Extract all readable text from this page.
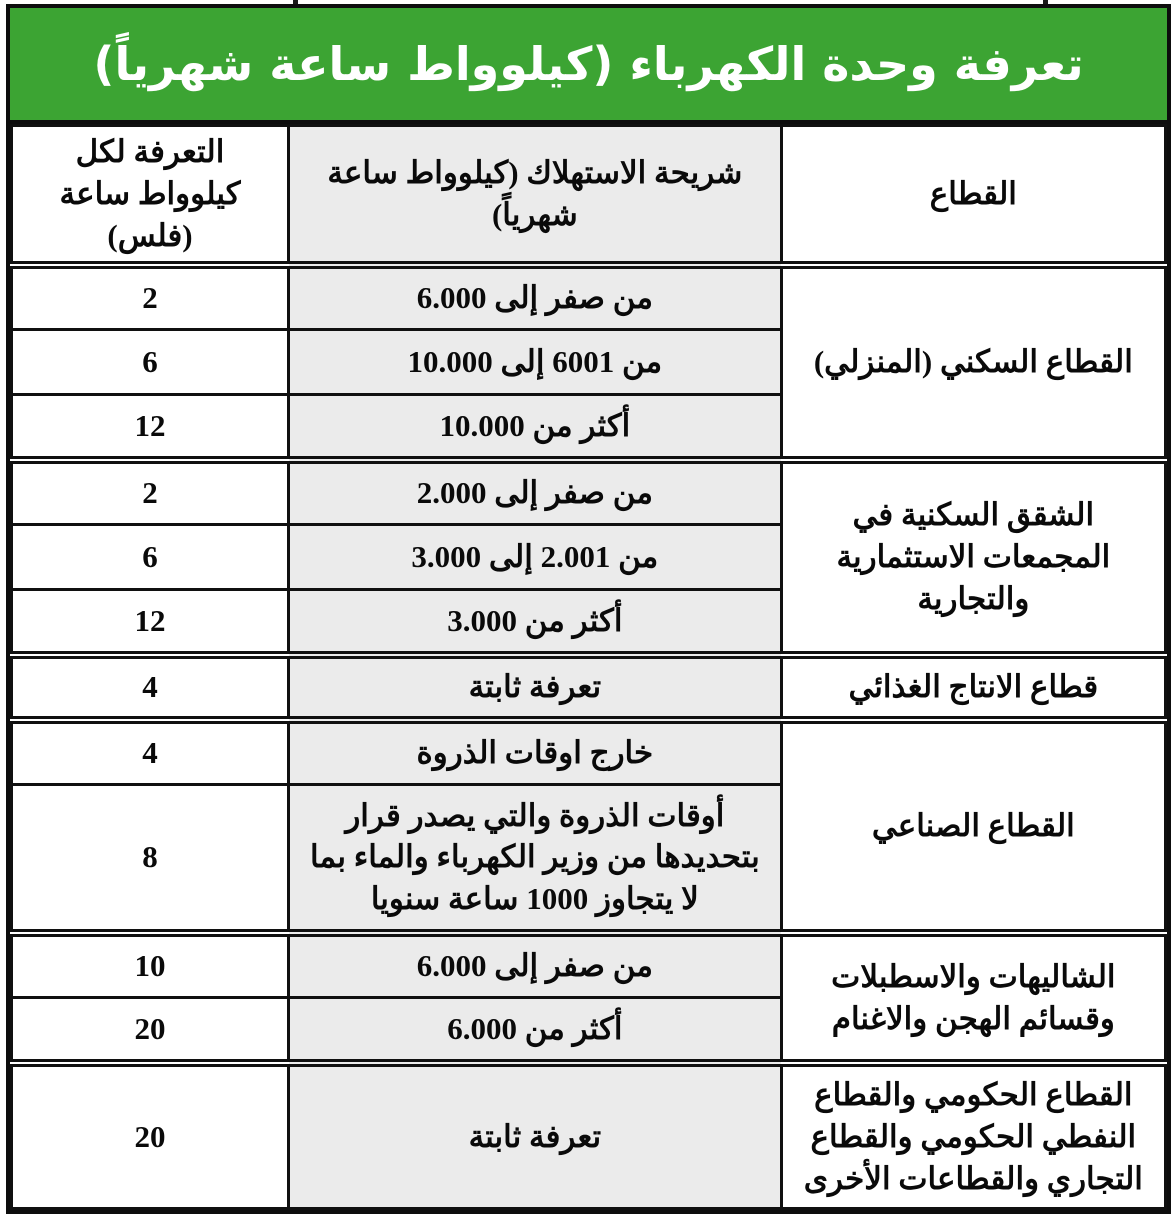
تعرفة وحدة الكهرباء (كيلوواط ساعة شهرياً)
القطاع	شريحة الاستهلاك (كيلوواط ساعة شهرياً)	التعرفة لكل كيلوواط ساعة (فلس)
القطاع السكني (المنزلي)	من صفر إلى 6.000	2
	من 6001 إلى 10.000	6
	أكثر من 10.000	12
الشقق السكنية في المجمعات الاستثمارية والتجارية	من صفر إلى 2.000	2
	من 2.001 إلى 3.000	6
	أكثر من 3.000	12
قطاع الانتاج الغذائي	تعرفة ثابتة	4
القطاع الصناعي	خارج اوقات الذروة	4
	أوقات الذروة والتي يصدر قرار بتحديدها من وزير الكهرباء والماء بما لا يتجاوز 1000 ساعة سنويا	8
الشاليهات والاسطبلات وقسائم الهجن والاغنام	من صفر إلى 6.000	10
	أكثر من 6.000	20
القطاع الحكومي والقطاع النفطي الحكومي والقطاع التجاري والقطاعات الأخرى	تعرفة ثابتة	20
